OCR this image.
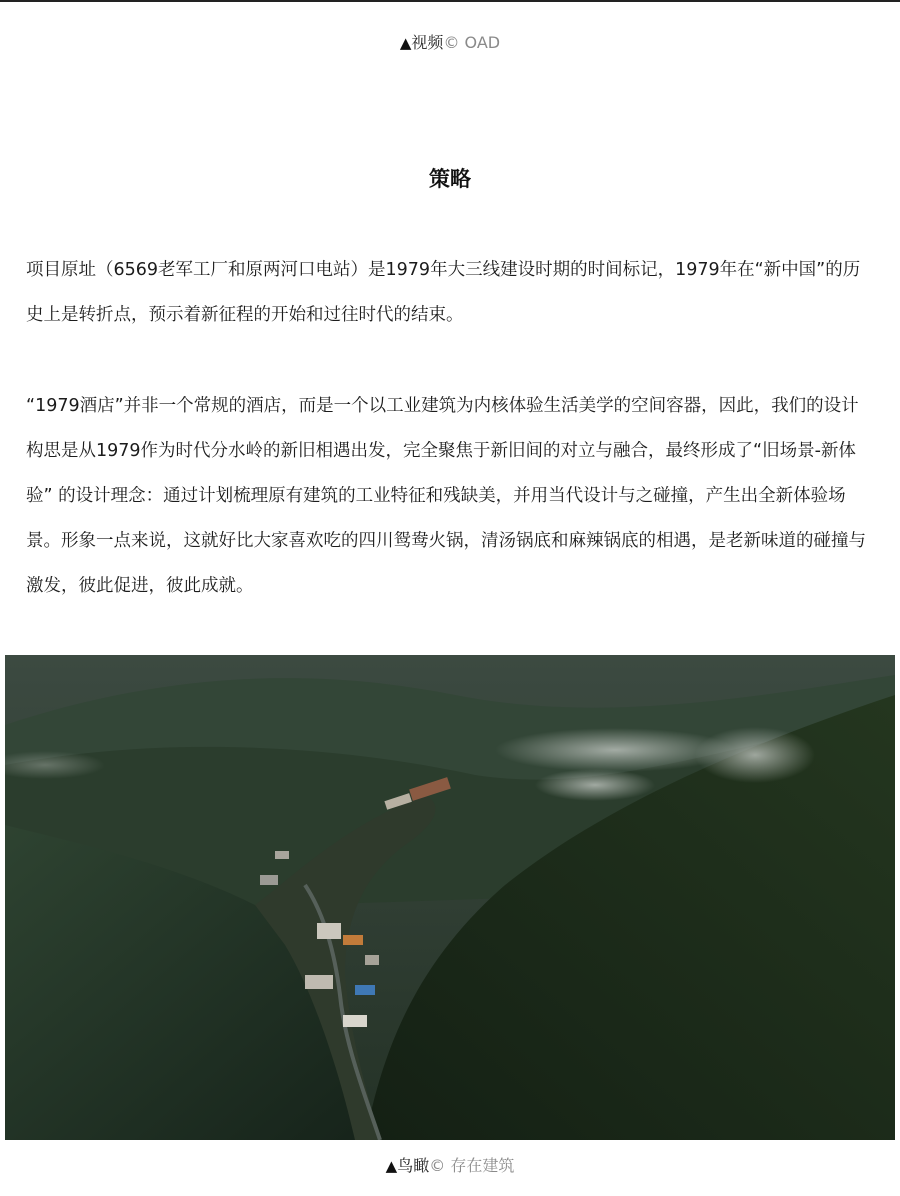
▲视频© OAD
策略

项目原址（6569老军工厂和原两河口电站）是1979年大三线建设时期的时间标记，1979年在“新中国”的历史上是转折点，预示着新征程的开始和过往时代的结束。

“1979酒店”并非一个常规的酒店，而是一个以工业建筑为内核体验生活美学的空间容器，因此，我们的设计构思是从1979作为时代分水岭的新旧相遇出发，完全聚焦于新旧间的对立与融合，最终形成了“旧场景-新体验” 的设计理念：通过计划梳理原有建筑的工业特征和残缺美，并用当代设计与之碰撞，产生出全新体验场景。形象一点来说，这就好比大家喜欢吃的四川鸳鸯火锅，清汤锅底和麻辣锅底的相遇，是老新味道的碰撞与激发，彼此促进，彼此成就。

▲鸟瞰© 存在建筑
